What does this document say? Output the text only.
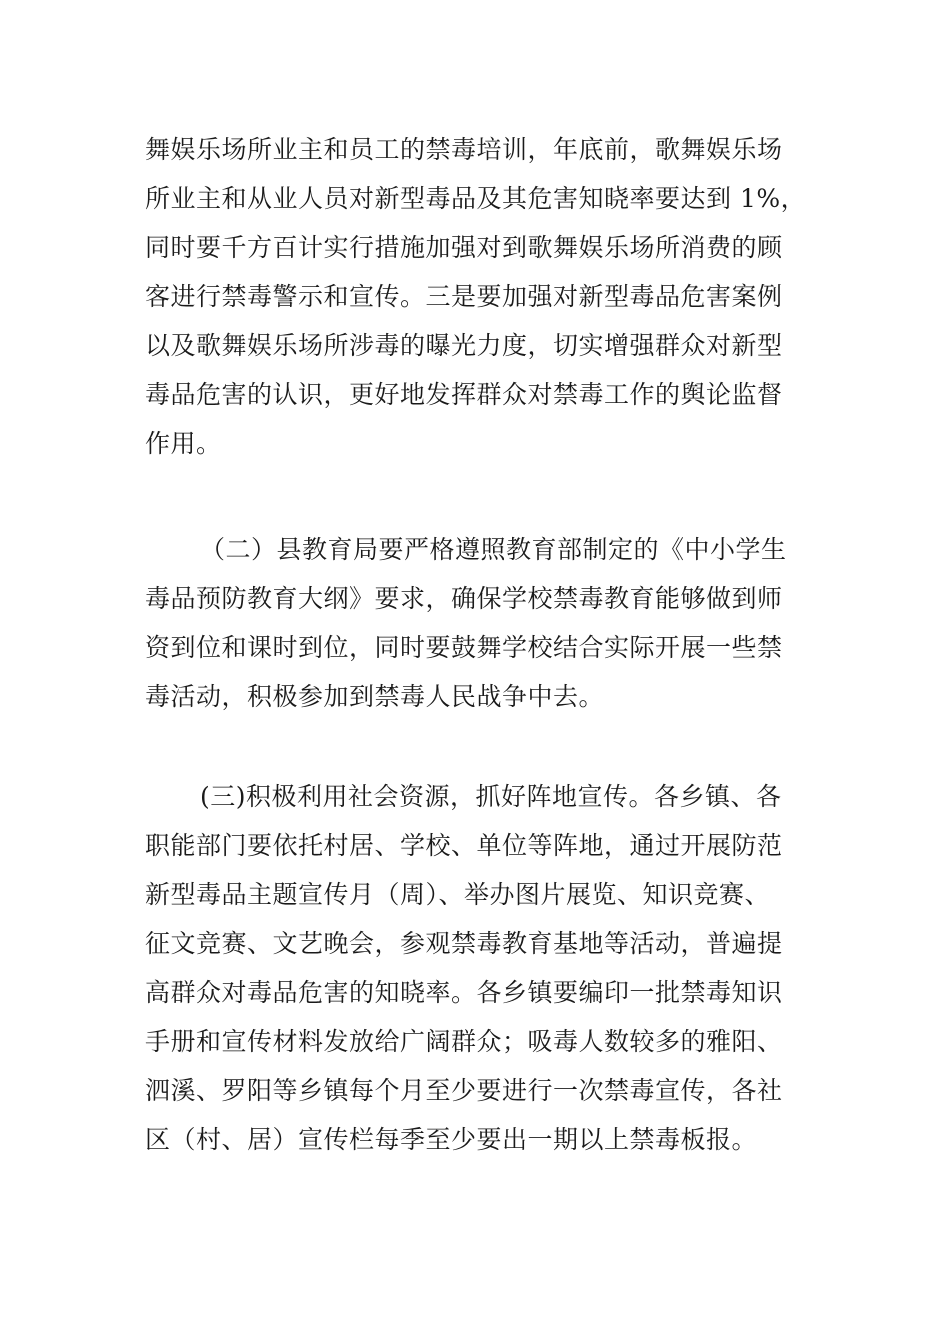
舞娱乐场所业主和员工的禁毒培训，年底前，歌舞娱乐场
所业主和从业人员对新型毒品及其危害知晓率要达到 1%，
同时要千方百计实行措施加强对到歌舞娱乐场所消费的顾
客进行禁毒警示和宣传。三是要加强对新型毒品危害案例
以及歌舞娱乐场所涉毒的曝光力度，切实增强群众对新型
毒品危害的认识，更好地发挥群众对禁毒工作的舆论监督
作用。
（二）县教育局要严格遵照教育部制定的《中小学生
毒品预防教育大纲》要求，确保学校禁毒教育能够做到师
资到位和课时到位，同时要鼓舞学校结合实际开展一些禁
毒活动，积极参加到禁毒人民战争中去。
(三)积极利用社会资源，抓好阵地宣传。各乡镇、各
职能部门要依托村居、学校、单位等阵地，通过开展防范
新型毒品主题宣传月（周）、举办图片展览、知识竞赛、
征文竞赛、文艺晚会，参观禁毒教育基地等活动，普遍提
高群众对毒品危害的知晓率。各乡镇要编印一批禁毒知识
手册和宣传材料发放给广阔群众；吸毒人数较多的雅阳、
泗溪、罗阳等乡镇每个月至少要进行一次禁毒宣传，各社
区（村、居）宣传栏每季至少要出一期以上禁毒板报。
